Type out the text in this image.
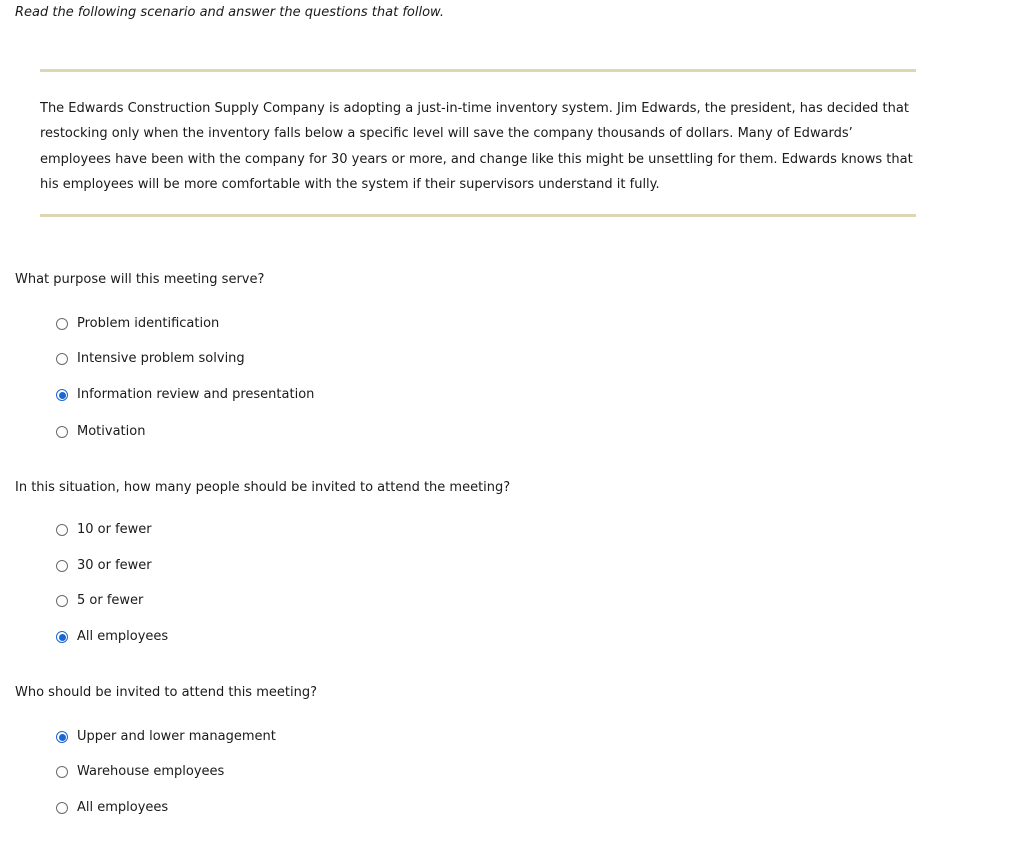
Read the following scenario and answer the questions that follow.

The Edwards Construction Supply Company is adopting a just-in-time inventory system. Jim Edwards, the president, has decided that restocking only when the inventory falls below a specific level will save the company thousands of dollars. Many of Edwards’ employees have been with the company for 30 years or more, and change like this might be unsettling for them. Edwards knows that his employees will be more comfortable with the system if their supervisors understand it fully.

What purpose will this meeting serve?

Problem identification
Intensive problem solving
Information review and presentation
Motivation

In this situation, how many people should be invited to attend the meeting?

10 or fewer
30 or fewer
5 or fewer
All employees

Who should be invited to attend this meeting?

Upper and lower management
Warehouse employees
All employees
